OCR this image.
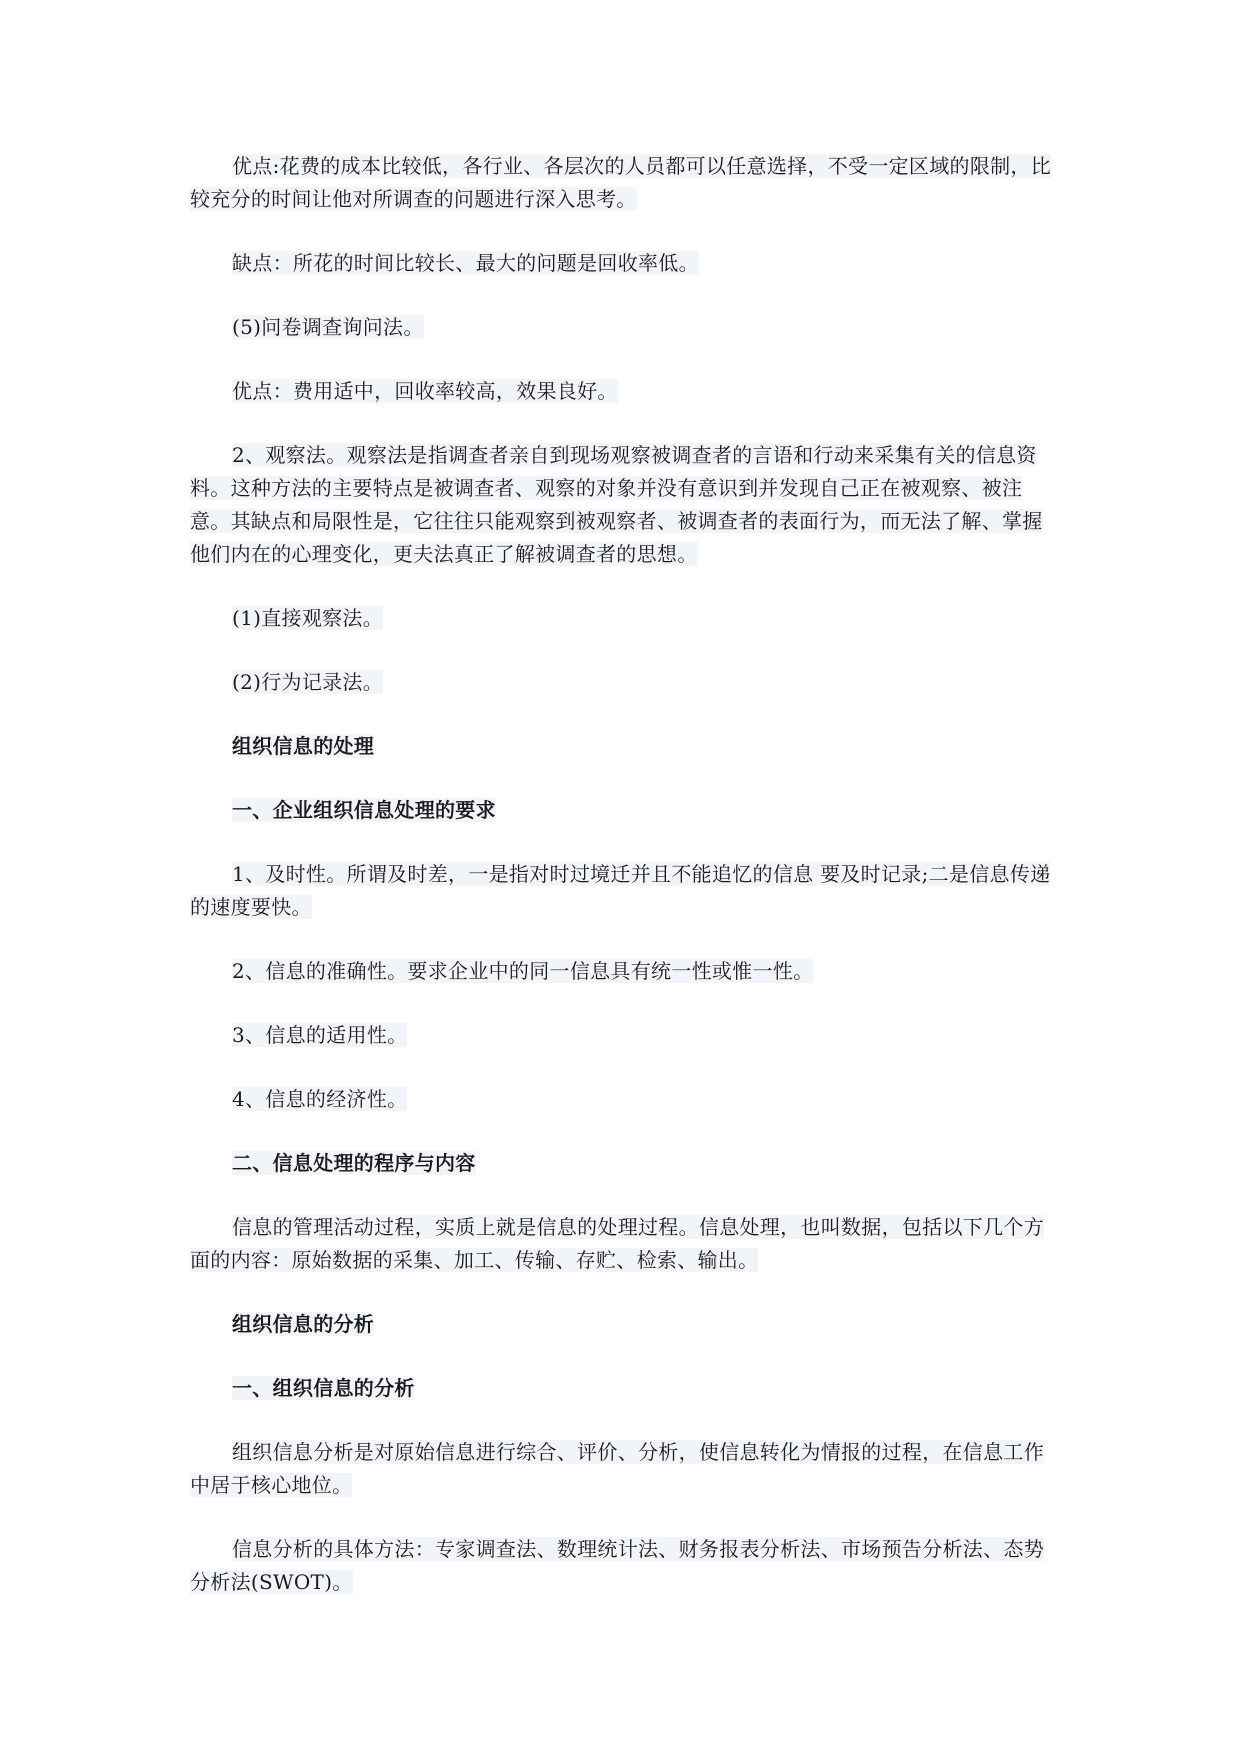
优点:花费的成本比较低，各行业、各层次的人员都可以任意选择，不受一定区域的限制，比较充分的时间让他对所调查的问题进行深入思考。

缺点：所花的时间比较长、最大的问题是回收率低。

(5)问卷调查询问法。

优点：费用适中，回收率较高，效果良好。

2、观察法。观察法是指调查者亲自到现场观察被调查者的言语和行动来采集有关的信息资料。这种方法的主要特点是被调查者、观察的对象并没有意识到并发现自己正在被观察、被注意。其缺点和局限性是，它往往只能观察到被观察者、被调查者的表面行为，而无法了解、掌握他们内在的心理变化，更夫法真正了解被调查者的思想。

(1)直接观察法。

(2)行为记录法。

组织信息的处理

一、企业组织信息处理的要求

1、及时性。所谓及时差，一是指对时过境迁并且不能追忆的信息 要及时记录;二是信息传递的速度要快。

2、信息的准确性。要求企业中的同一信息具有统一性或惟一性。

3、信息的适用性。

4、信息的经济性。

二、信息处理的程序与内容

信息的管理活动过程，实质上就是信息的处理过程。信息处理，也叫数据，包括以下几个方面的内容：原始数据的采集、加工、传输、存贮、检索、输出。

组织信息的分析

一、组织信息的分析

组织信息分析是对原始信息进行综合、评价、分析，使信息转化为情报的过程，在信息工作中居于核心地位。

信息分析的具体方法：专家调查法、数理统计法、财务报表分析法、市场预告分析法、态势分析法(SWOT)。
